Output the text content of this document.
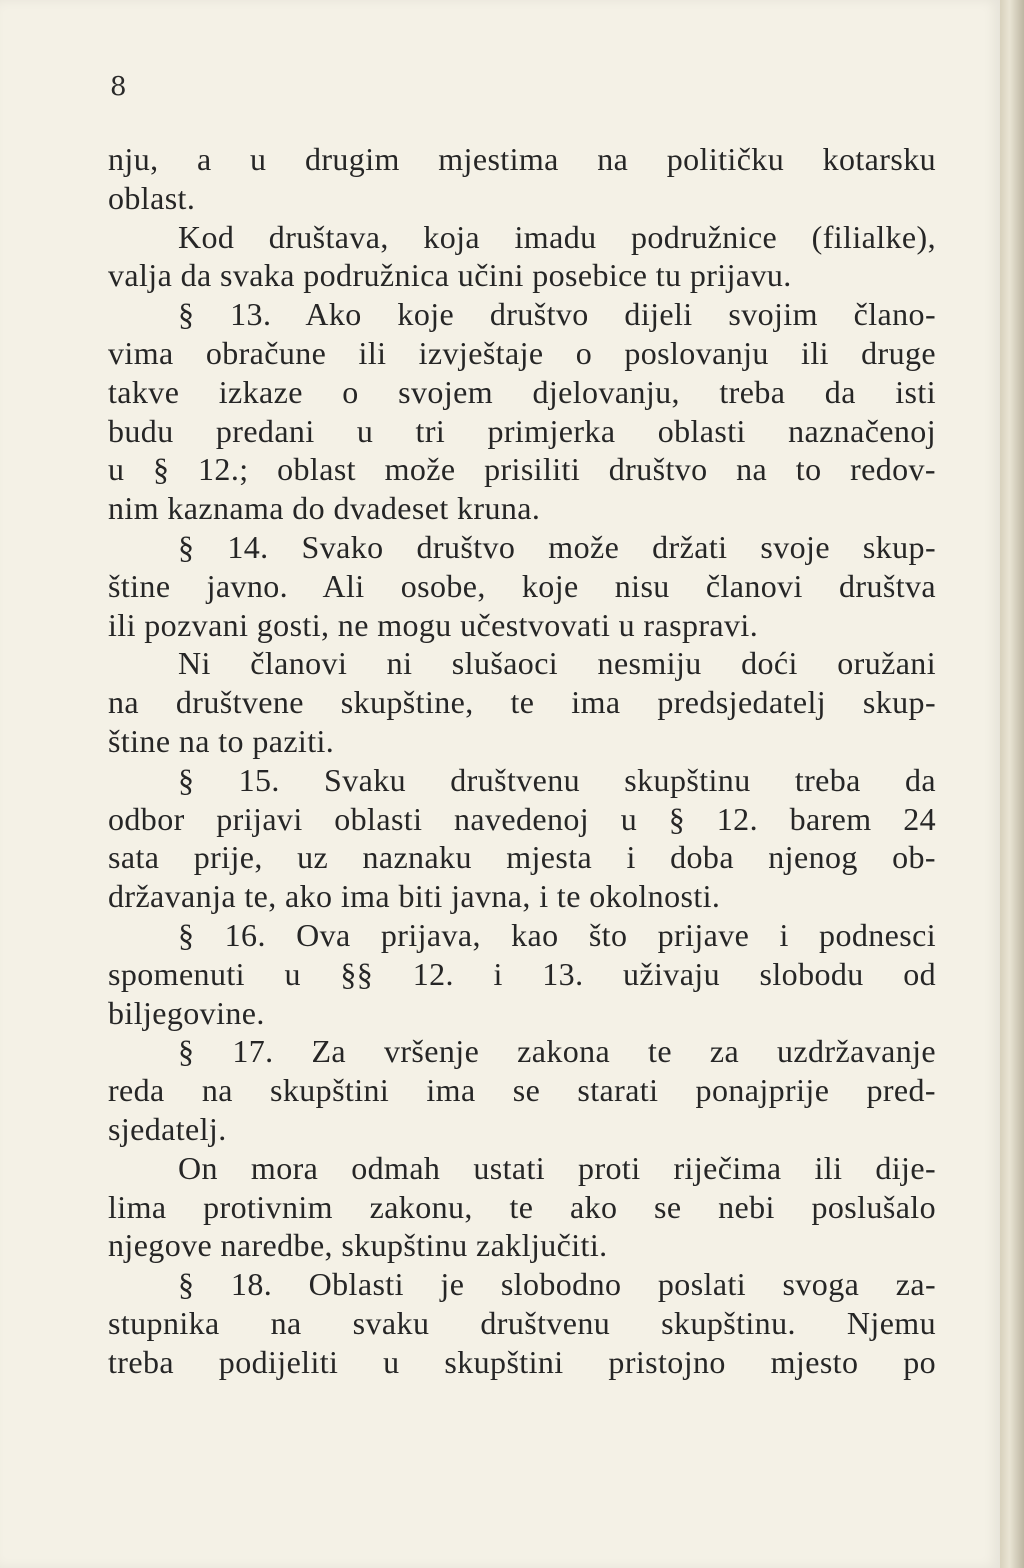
8
nju, a u drugim mjestima na političku kotarsku
oblast.
Kod društava, koja imadu podružnice (filialke),
valja da svaka podružnica učini posebice tu prijavu.
§ 13. Ako koje društvo dijeli svojim člano-
vima obračune ili izvještaje o poslovanju ili druge
takve izkaze o svojem djelovanju, treba da isti
budu predani u tri primjerka oblasti naznačenoj
u § 12.; oblast može prisiliti društvo na to redov-
nim kaznama do dvadeset kruna.
§ 14. Svako društvo može držati svoje skup-
štine javno. Ali osobe, koje nisu članovi društva
ili pozvani gosti, ne mogu učestvovati u raspravi.
Ni članovi ni slušaoci nesmiju doći oružani
na društvene skupštine, te ima predsjedatelj skup-
štine na to paziti.
§ 15. Svaku društvenu skupštinu treba da
odbor prijavi oblasti navedenoj u § 12. barem 24
sata prije, uz naznaku mjesta i doba njenog ob-
državanja te, ako ima biti javna, i te okolnosti.
§ 16. Ova prijava, kao što prijave i podnesci
spomenuti u §§ 12. i 13. uživaju slobodu od
biljegovine.
§ 17. Za vršenje zakona te za uzdržavanje
reda na skupštini ima se starati ponajprije pred-
sjedatelj.
On mora odmah ustati proti riječima ili dije-
lima protivnim zakonu, te ako se nebi poslušalo
njegove naredbe, skupštinu zaključiti.
§ 18. Oblasti je slobodno poslati svoga za-
stupnika na svaku društvenu skupštinu. Njemu
treba podijeliti u skupštini pristojno mjesto po
